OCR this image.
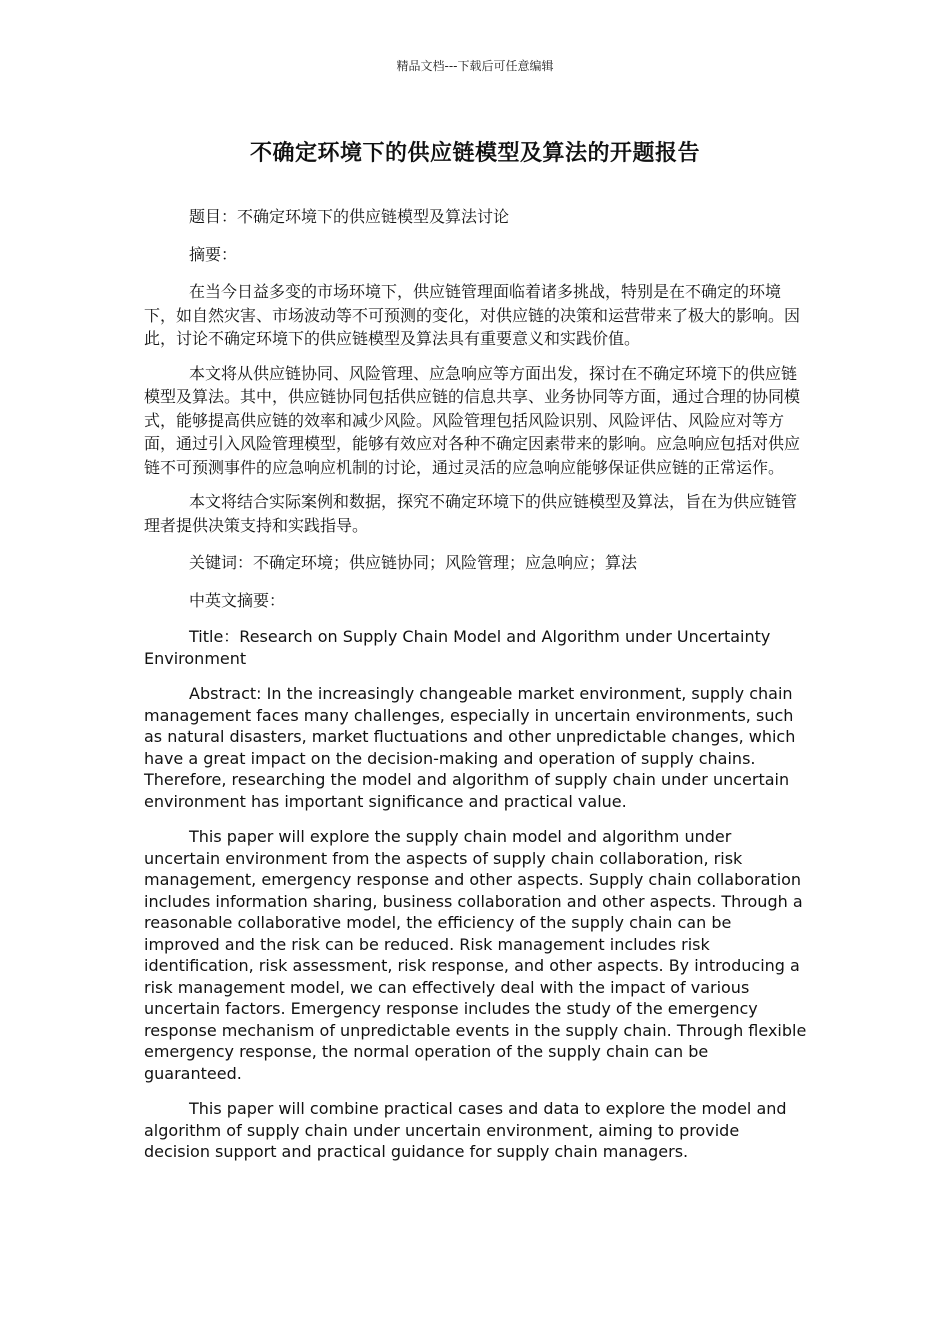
精品文档---下载后可任意编辑
不确定环境下的供应链模型及算法的开题报告

题目：不确定环境下的供应链模型及算法讨论

摘要：

在当今日益多变的市场环境下，供应链管理面临着诸多挑战，特别是在不确定的环境下，如自然灾害、市场波动等不可预测的变化，对供应链的决策和运营带来了极大的影响。因此，讨论不确定环境下的供应链模型及算法具有重要意义和实践价值。

本文将从供应链协同、风险管理、应急响应等方面出发，探讨在不确定环境下的供应链模型及算法。其中，供应链协同包括供应链的信息共享、业务协同等方面，通过合理的协同模式，能够提高供应链的效率和减少风险。风险管理包括风险识别、风险评估、风险应对等方面，通过引入风险管理模型，能够有效应对各种不确定因素带来的影响。应急响应包括对供应链不可预测事件的应急响应机制的讨论，通过灵活的应急响应能够保证供应链的正常运作。

本文将结合实际案例和数据，探究不确定环境下的供应链模型及算法，旨在为供应链管理者提供决策支持和实践指导。

关键词：不确定环境；供应链协同；风险管理；应急响应；算法

中英文摘要：

Title：Research on Supply Chain Model and Algorithm under Uncertainty Environment

Abstract: In the increasingly changeable market environment, supply chain management faces many challenges, especially in uncertain environments, such as natural disasters, market fluctuations and other unpredictable changes, which have a great impact on the decision-making and operation of supply chains. Therefore, researching the model and algorithm of supply chain under uncertain environment has important significance and practical value.

This paper will explore the supply chain model and algorithm under uncertain environment from the aspects of supply chain collaboration, risk management, emergency response and other aspects. Supply chain collaboration includes information sharing, business collaboration and other aspects. Through a reasonable collaborative model, the efficiency of the supply chain can be improved and the risk can be reduced. Risk management includes risk identification, risk assessment, risk response, and other aspects. By introducing a risk management model, we can effectively deal with the impact of various uncertain factors. Emergency response includes the study of the emergency response mechanism of unpredictable events in the supply chain. Through flexible emergency response, the normal operation of the supply chain can be guaranteed.

This paper will combine practical cases and data to explore the model and algorithm of supply chain under uncertain environment, aiming to provide decision support and practical guidance for supply chain managers.
